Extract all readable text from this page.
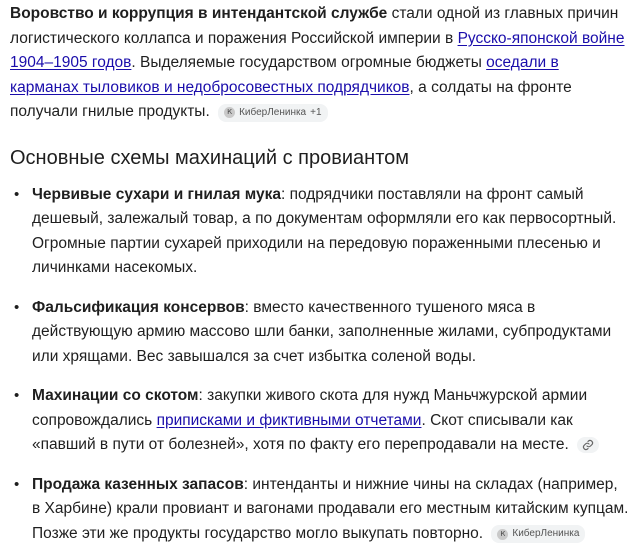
Воровство и коррупция в интендантской службе стали одной из главных причин логистического коллапса и поражения Российской империи в Русско-японской войне 1904–1905 годов. Выделяемые государством огромные бюджеты оседали в карманах тыловиков и недобросовестных подрядчиков, а солдаты на фронте получали гнилые продукты.	К КиберЛенинка +1

Основные схемы махинаций с провиантом
• Червивые сухари и гнилая мука: подрядчики поставляли на фронт самый дешевый, залежалый товар, а по документам оформляли его как первосортный. Огромные партии сухарей приходили на передовую пораженными плесенью и личинками насекомых.
• Фальсификация консервов: вместо качественного тушеного мяса в действующую армию массово шли банки, заполненные жилами, субпродуктами или хрящами. Вес завышался за счет избытка соленой воды.
• Махинации со скотом: закупки живого скота для нужд Маньчжурской армии сопровождались приписками и фиктивными отчетами. Скот списывали как «павший в пути от болезней», хотя по факту его перепродавали на месте.
• Продажа казенных запасов: интенданты и нижние чины на складах (например, в Харбине) крали провиант и вагонами продавали его местным китайским купцам. Позже эти же продукты государство могло выкупать повторно.	К КиберЛенинка
